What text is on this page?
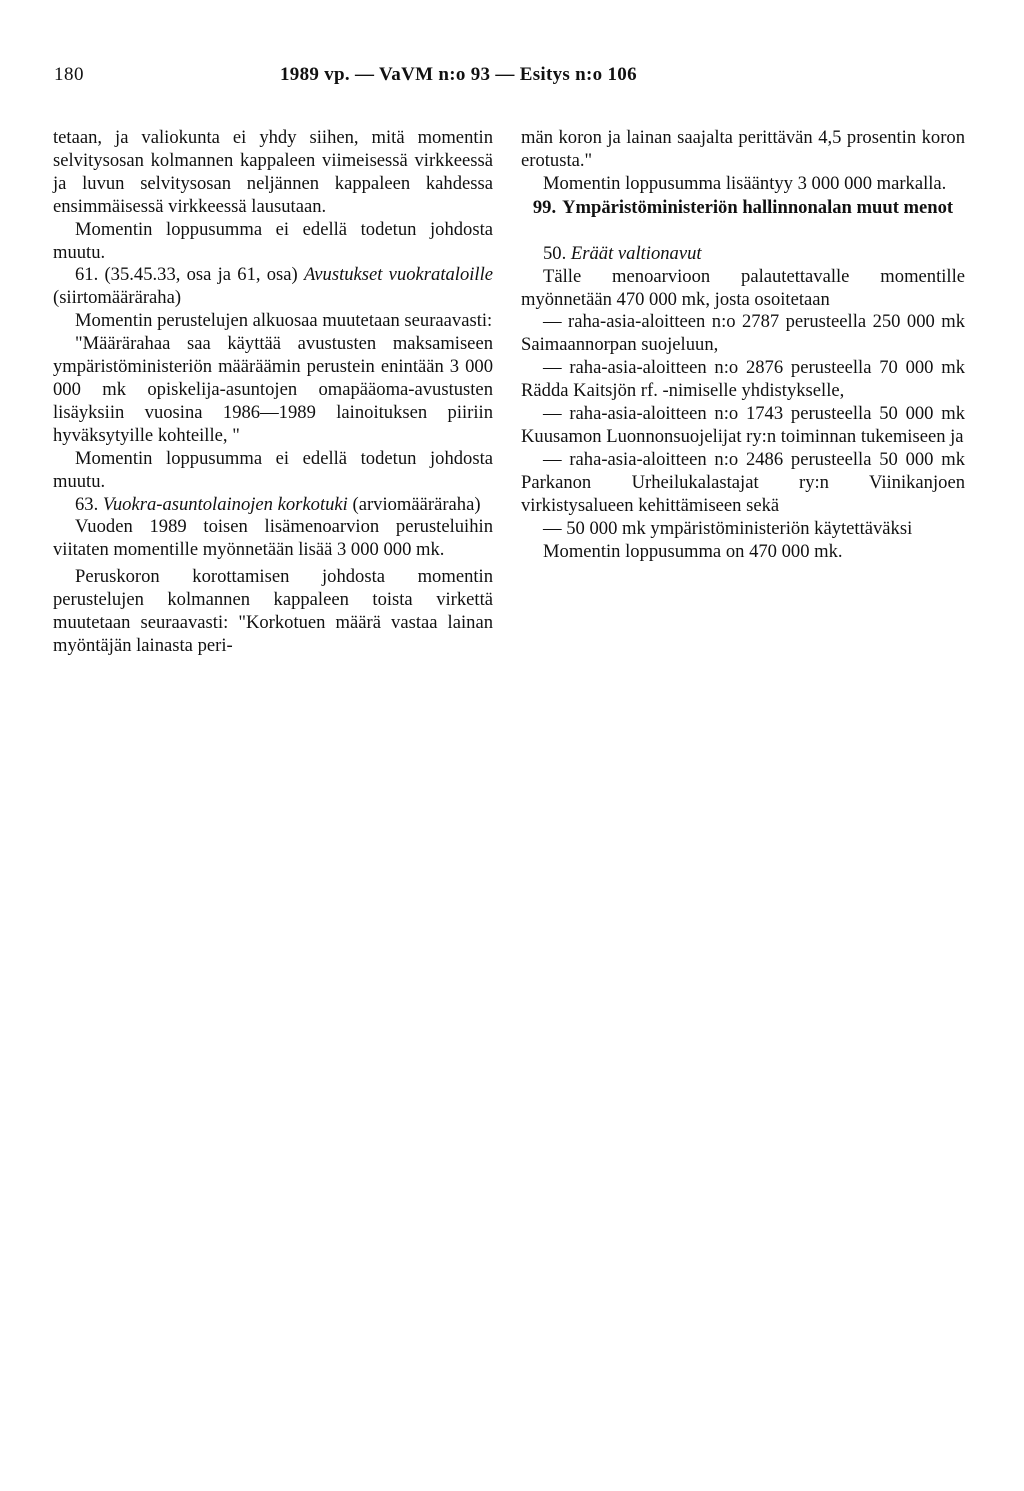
180	1989 vp. — VaVM n:o 93 — Esitys n:o 106

tetaan, ja valiokunta ei yhdy siihen, mitä momentin selvitysosan kolmannen kappaleen viimeisessä virkkeessä ja luvun selvitysosan neljännen kappaleen kahdessa ensimmäisessä virkkeessä lausutaan.

Momentin loppusumma ei edellä todetun johdosta muutu.

61. (35.45.33, osa ja 61, osa) Avustukset vuokrataloille (siirtomääräraha)

Momentin perustelujen alkuosaa muutetaan seuraavasti:

"Määrärahaa saa käyttää avustusten maksamiseen ympäristöministeriön määräämin perustein enintään 3 000 000 mk opiskelija-asuntojen omapääoma-avustusten lisäyksiin vuosina 1986—1989 lainoituksen piiriin hyväksytyille kohteille, "

Momentin loppusumma ei edellä todetun johdosta muutu.

63. Vuokra-asuntolainojen korkotuki (arviomääräraha)

Vuoden 1989 toisen lisämenoarvion perusteluihin viitaten momentille myönnetään lisää 3 000 000 mk.

Peruskoron korottamisen johdosta momentin perustelujen kolmannen kappaleen toista virkettä muutetaan seuraavasti: "Korkotuen määrä vastaa lainan myöntäjän lainasta peri-

män koron ja lainan saajalta perittävän 4,5 prosentin koron erotusta."

Momentin loppusumma lisääntyy 3 000 000 markalla.

99. Ympäristöministeriön hallinnonalan muut menot

50. Eräät valtionavut

Tälle menoarvioon palautettavalle momentille myönnetään 470 000 mk, josta osoitetaan

— raha-asia-aloitteen n:o 2787 perusteella 250 000 mk Saimaannorpan suojeluun,

— raha-asia-aloitteen n:o 2876 perusteella 70 000 mk Rädda Kaitsjön rf. -nimiselle yhdistykselle,

— raha-asia-aloitteen n:o 1743 perusteella 50 000 mk Kuusamon Luonnonsuojelijat ry:n toiminnan tukemiseen ja

— raha-asia-aloitteen n:o 2486 perusteella 50 000 mk Parkanon Urheilukalastajat ry:n Viinikanjoen virkistysalueen kehittämiseen sekä

— 50 000 mk ympäristöministeriön käytettäväksi

Momentin loppusumma on 470 000 mk.
